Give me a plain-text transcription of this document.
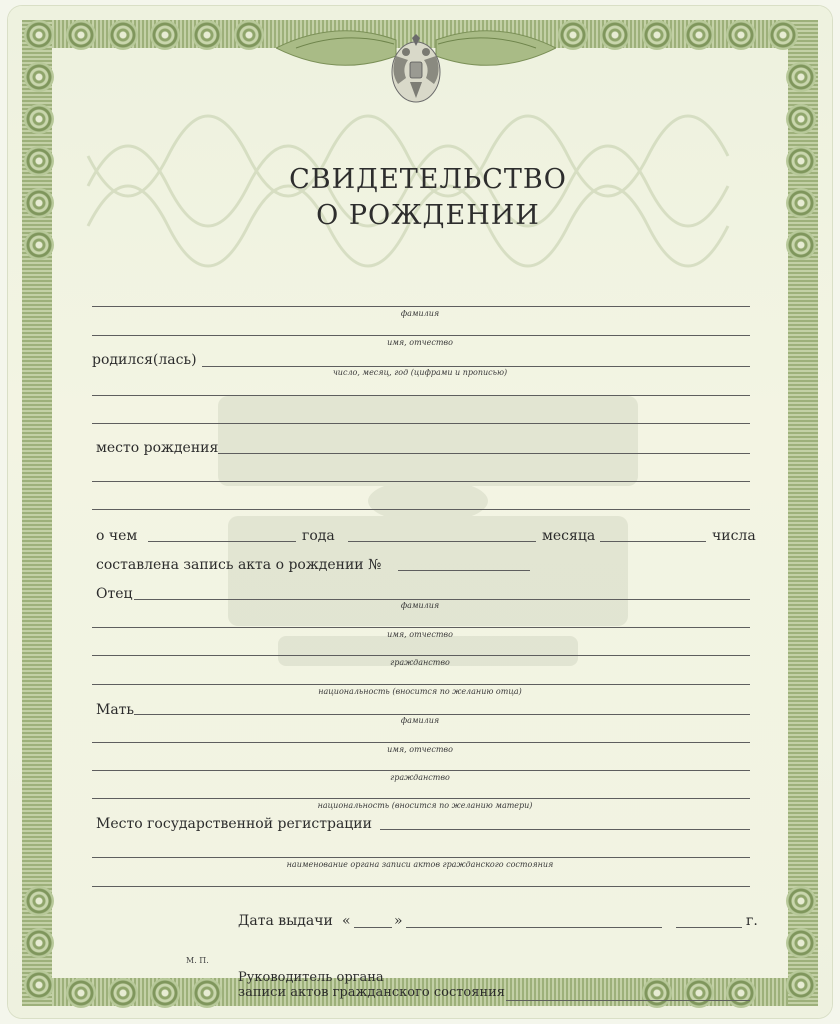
СВИДЕТЕЛЬСТВО
О РОЖДЕНИИ
фамилия
имя, отчество
родился(лась)
число, месяц, год (цифрами и прописью)
место рождения
о чем	года	месяца	числа
составлена запись акта о рождении №
Отец
фамилия
имя, отчество
гражданство
национальность (вносится по желанию отца)
Мать
фамилия
имя, отчество
гражданство
национальность (вносится по желанию матери)
Место государственной регистрации
наименование органа записи актов гражданского состояния
Дата выдачи «	»	г.
М. П.
Руководитель органа
записи актов гражданского состояния
